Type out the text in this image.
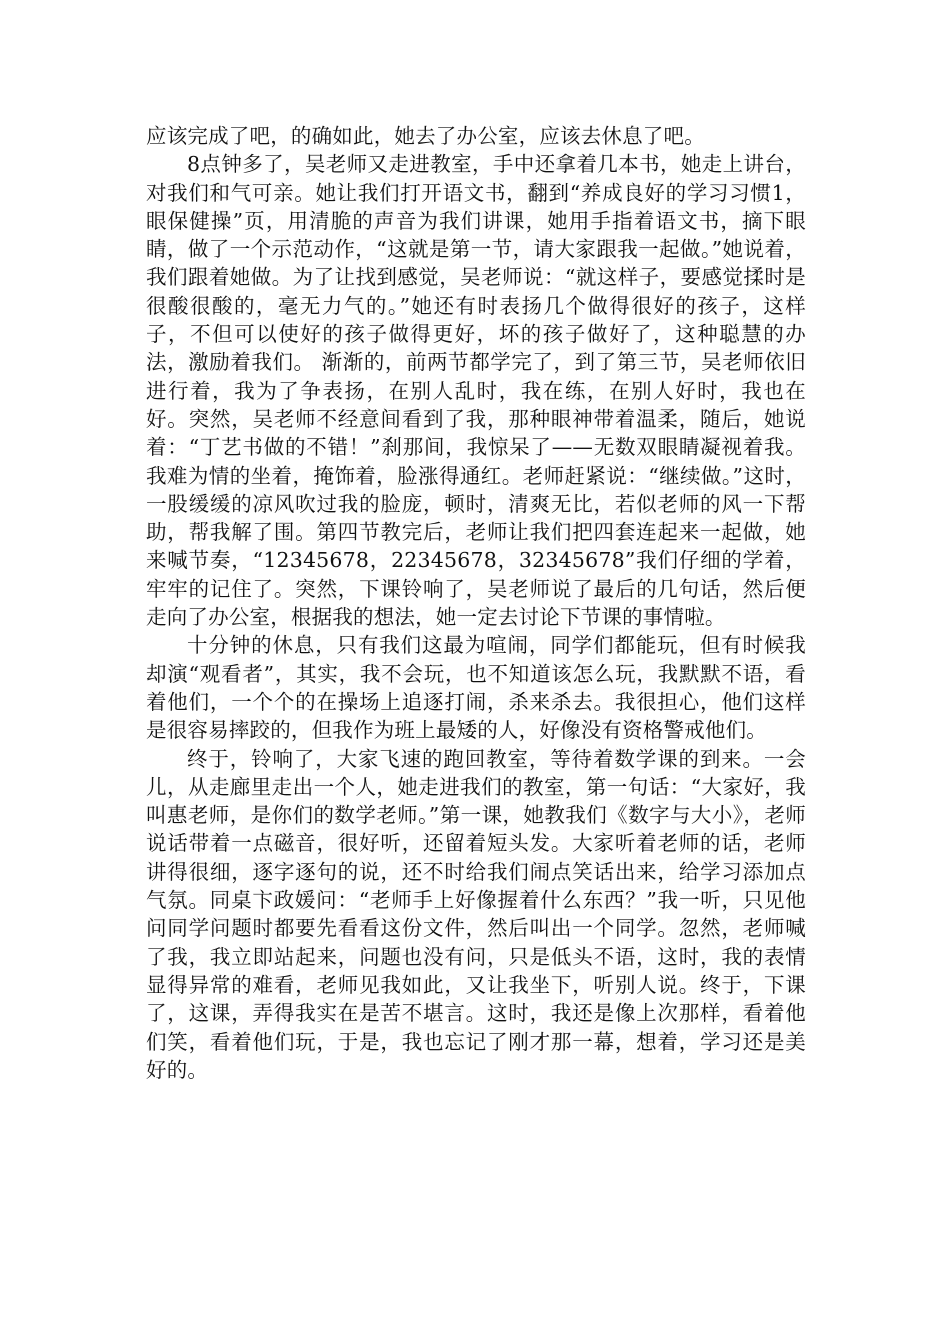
应该完成了吧，的确如此，她去了办公室，应该去休息了吧。

8点钟多了，吴老师又走进教室，手中还拿着几本书，她走上讲台，对我们和气可亲。她让我们打开语文书，翻到“养成良好的学习习惯1，眼保健操”页，用清脆的声音为我们讲课，她用手指着语文书，摘下眼睛，做了一个示范动作，“这就是第一节，请大家跟我一起做。”她说着，我们跟着她做。为了让找到感觉，吴老师说：“就这样子，要感觉揉时是很酸很酸的，毫无力气的。”她还有时表扬几个做得很好的孩子，这样子，不但可以使好的孩子做得更好，坏的孩子做好了，这种聪慧的办法，激励着我们。 渐渐的，前两节都学完了，到了第三节，吴老师依旧进行着，我为了争表扬，在别人乱时，我在练，在别人好时，我也在好。突然，吴老师不经意间看到了我，那种眼神带着温柔，随后，她说着：“丁艺书做的不错！”刹那间，我惊呆了——无数双眼睛凝视着我。我难为情的坐着，掩饰着，脸涨得通红。老师赶紧说：“继续做。”这时，一股缓缓的凉风吹过我的脸庞，顿时，清爽无比，若似老师的风一下帮助，帮我解了围。第四节教完后，老师让我们把四套连起来一起做，她来喊节奏，“12345678，22345678，32345678”我们仔细的学着，牢牢的记住了。突然，下课铃响了，吴老师说了最后的几句话，然后便走向了办公室，根据我的想法，她一定去讨论下节课的事情啦。

十分钟的休息，只有我们这最为喧闹，同学们都能玩，但有时候我却演“观看者”，其实，我不会玩，也不知道该怎么玩，我默默不语，看着他们，一个个的在操场上追逐打闹，杀来杀去。我很担心，他们这样是很容易摔跤的，但我作为班上最矮的人，好像没有资格警戒他们。

终于，铃响了，大家飞速的跑回教室，等待着数学课的到来。一会儿，从走廊里走出一个人，她走进我们的教室，第一句话：“大家好，我叫惠老师，是你们的数学老师。”第一课，她教我们《数字与大小》，老师说话带着一点磁音，很好听，还留着短头发。大家听着老师的话，老师讲得很细，逐字逐句的说，还不时给我们闹点笑话出来，给学习添加点气氛。同桌卞政媛问：“老师手上好像握着什么东西？”我一听，只见他问同学问题时都要先看看这份文件，然后叫出一个同学。忽然，老师喊了我，我立即站起来，问题也没有问，只是低头不语，这时，我的表情显得异常的难看，老师见我如此，又让我坐下，听别人说。终于，下课了，这课，弄得我实在是苦不堪言。这时，我还是像上次那样，看着他们笑，看着他们玩，于是，我也忘记了刚才那一幕，想着，学习还是美好的。
